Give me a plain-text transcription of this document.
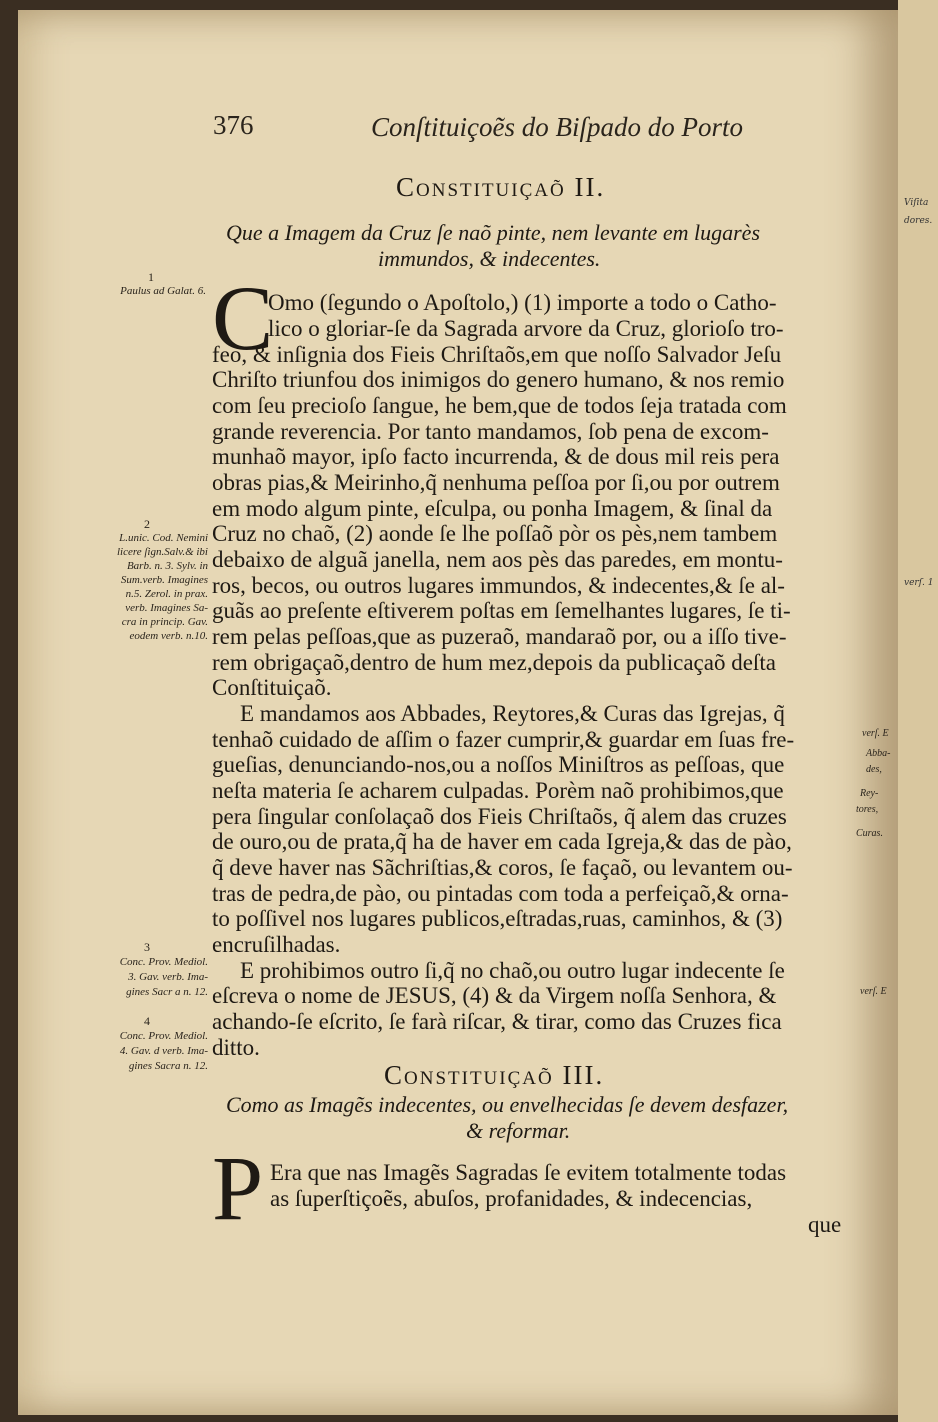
376	Conſtituiçoẽs do Biſpado do Porto
Constituiçaõ II.
Que a Imagem da Cruz ſe naõ pinte, nem levante em lugarès
immundos, & indecentes.
C
Omo (ſegundo o Apoſtolo,) (1) importe a todo o Catho-
lico o gloriar-ſe da Sagrada arvore da Cruz, glorioſo tro-
feo, & inſignia dos Fieis Chriſtaõs,em que noſſo Salvador Jeſu
Chriſto triunfou dos inimigos do genero humano, & nos remio
com ſeu precioſo ſangue, he bem,que de todos ſeja tratada com
grande reverencia. Por tanto mandamos, ſob pena de excom-
munhaõ mayor, ipſo facto incurrenda, & de dous mil reis pera
obras pias,& Meirinho,q̃ nenhuma peſſoa por ſi,ou por outrem
em modo algum pinte, eſculpa, ou ponha Imagem, & ſinal da
Cruz no chaõ, (2) aonde ſe lhe poſſaõ pòr os pès,nem tambem
debaixo de alguã janella, nem aos pès das paredes, em montu-
ros, becos, ou outros lugares immundos, & indecentes,& ſe al-
guãs ao preſente eſtiverem poſtas em ſemelhantes lugares, ſe ti-
rem pelas peſſoas,que as puzeraõ, mandaraõ por, ou a iſſo tive-
rem obrigaçaõ,dentro de hum mez,depois da publicaçaõ deſta
Conſtituiçaõ.
E mandamos aos Abbades, Reytores,& Curas das Igrejas, q̃
tenhaõ cuidado de aſſim o fazer cumprir,& guardar em ſuas fre-
gueſias, denunciando-nos,ou a noſſos Miniſtros as peſſoas, que
neſta materia ſe acharem culpadas. Porèm naõ prohibimos,que
pera ſingular conſolaçaõ dos Fieis Chriſtaõs, q̃ alem das cruzes
de ouro,ou de prata,q̃ ha de haver em cada Igreja,& das de pào,
q̃ deve haver nas Sãchriſtias,& coros, ſe façaõ, ou levantem ou-
tras de pedra,de pào, ou pintadas com toda a perfeiçaõ,& orna-
to poſſivel nos lugares publicos,eſtradas,ruas, caminhos, & (3)
encruſilhadas.
E prohibimos outro ſi,q̃ no chaõ,ou outro lugar indecente ſe
eſcreva o nome de JESUS, (4) & da Virgem noſſa Senhora, &
achando-ſe eſcrito, ſe farà riſcar, & tirar, como das Cruzes fica
ditto.
Constituiçaõ III.
Como as Imagẽs indecentes, ou envelhecidas ſe devem desfazer,
& reformar.
P Era que nas Imagẽs Sagradas ſe evitem totalmente todas
as ſuperſtiçoẽs, abuſos, profanidades, & indecencias,
que
1
Paulus ad Galat. 6.
2
L.unic. Cod. Nemini
licere ſign.Salv.& ibi
Barb. n. 3. Sylv. in
Sum.verb. Imagines
n.5. Zerol. in prax.
verb. Imagines Sa-
cra in princip. Gav.
eodem verb. n.10.
3
Conc. Prov. Mediol.
3. Gav. verb. Ima-
gines Sacr a n. 12.
4
Conc. Prov. Mediol.
4. Gav. d verb. Ima-
gines Sacra n. 12.
verſ. E
Abba-
des,
Rey-
tores,
Curas.
verſ. E
Viſita
dores.
verſ. 1
